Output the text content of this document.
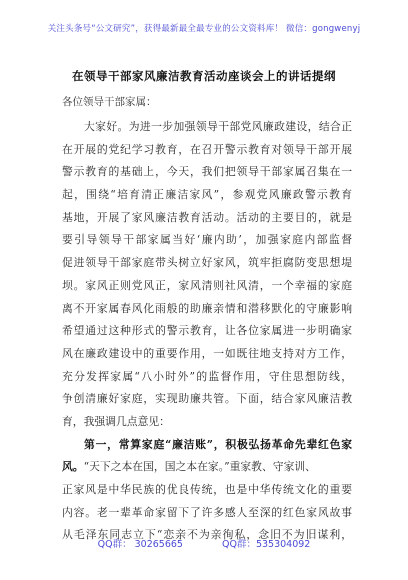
关注头条号“公文研究”，获得最新最全最专业的公文资料库！ 微信：gongwenyj
在领导干部家风廉洁教育活动座谈会上的讲话提纲
各位领导干部家属：
大家好。为进一步加强领导干部党风廉政建设，结合正
在开展的党纪学习教育，在召开警示教育对领导干部开展
警示教育的基础上，今天，我们把领导干部家属召集在一
起，围绕“培育清正廉洁家风”，参观党风廉政警示教育
基地，开展了家风廉洁教育活动。活动的主要目的，就是
要引导领导干部家属当好‘廉内助’，加强家庭内部监督
促进领导干部家庭带头树立好家风，筑牢拒腐防变思想堤
坝。家风正则党风正，家风清则社风清，一个幸福的家庭
离不开家属春风化雨般的助廉亲情和潜移默化的守廉影响
希望通过这种形式的警示教育，让各位家属进一步明确家
风在廉政建设中的重要作用，一如既往地支持对方工作，
充分发挥家属“八小时外”的监督作用，守住思想防线，
争创清廉好家庭，实现助廉共管。下面，结合家风廉洁教
育，我强调几点意见：
第一，常算家庭“廉洁账”，积极弘扬革命先辈红色家
风。“天下之本在国，国之本在家。”重家教、守家训、
正家风是中华民族的优良传统，也是中华传统文化的重要
内容。老一辈革命家留下了许多感人至深的红色家风故事
从毛泽东同志立下“恋亲不为亲徇私，念旧不为旧谋利，
QQ群： 30265665	QQ群：535304092
